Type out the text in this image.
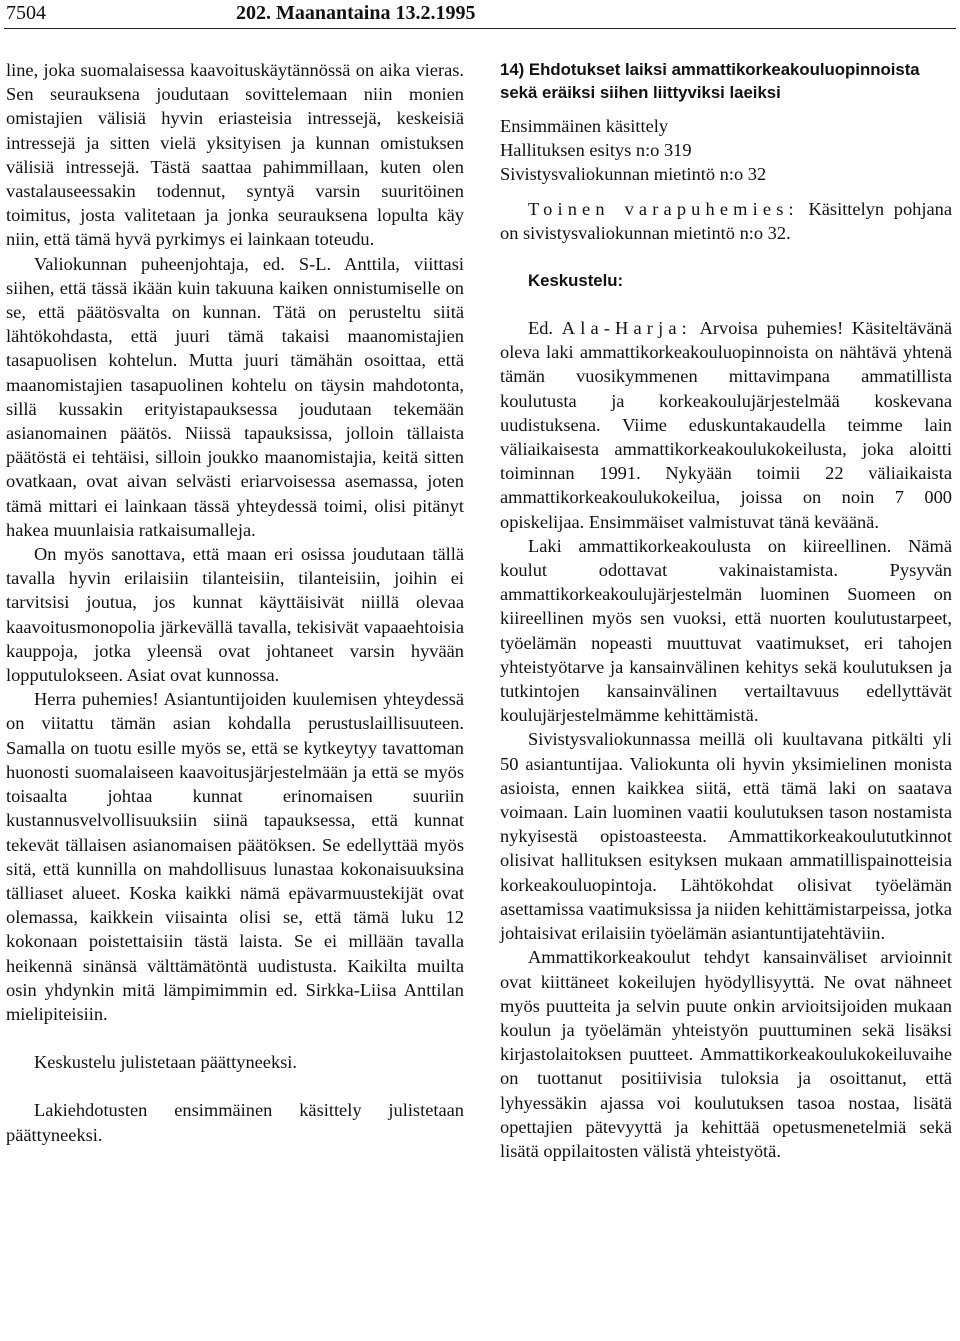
7504	202. Maanantaina 13.2.1995

line, joka suomalaisessa kaavoituskäytännössä on aika vieras. Sen seurauksena joudutaan sovittelemaan niin monien omistajien välisiä hyvin eriasteisia intressejä, keskeisiä intressejä ja sitten vielä yksityisen ja kunnan omistuksen välisiä intressejä. Tästä saattaa pahimmillaan, kuten olen vastalauseessakin todennut, syntyä varsin suuritöinen toimitus, josta valitetaan ja jonka seurauksena lopulta käy niin, että tämä hyvä pyrkimys ei lainkaan toteudu.

Valiokunnan puheenjohtaja, ed. S-L. Anttila, viittasi siihen, että tässä ikään kuin takuuna kaiken onnistumiselle on se, että päätösvalta on kunnan. Tätä on perusteltu siitä lähtökohdasta, että juuri tämä takaisi maanomistajien tasapuolisen kohtelun. Mutta juuri tämähän osoittaa, että maanomistajien tasapuolinen kohtelu on täysin mahdotonta, sillä kussakin erityistapauksessa joudutaan tekemään asianomainen päätös. Niissä tapauksissa, jolloin tällaista päätöstä ei tehtäisi, silloin joukko maanomistajia, keitä sitten ovatkaan, ovat aivan selvästi eriarvoisessa asemassa, joten tämä mittari ei lainkaan tässä yhteydessä toimi, olisi pitänyt hakea muunlaisia ratkaisumalleja.

On myös sanottava, että maan eri osissa joudutaan tällä tavalla hyvin erilaisiin tilanteisiin, tilanteisiin, joihin ei tarvitsisi joutua, jos kunnat käyttäisivät niillä olevaa kaavoitusmonopolia järkevällä tavalla, tekisivät vapaaehtoisia kauppoja, jotka yleensä ovat johtaneet varsin hyvään lopputulokseen. Asiat ovat kunnossa.

Herra puhemies! Asiantuntijoiden kuulemisen yhteydessä on viitattu tämän asian kohdalla perustuslaillisuuteen. Samalla on tuotu esille myös se, että se kytkeytyy tavattoman huonosti suomalaiseen kaavoitusjärjestelmään ja että se myös toisaalta johtaa kunnat erinomaisen suuriin kustannusvelvollisuuksiin siinä tapauksessa, että kunnat tekevät tällaisen asianomaisen päätöksen. Se edellyttää myös sitä, että kunnilla on mahdollisuus lunastaa kokonaisuuksina tälliaset alueet. Koska kaikki nämä epävarmuustekijät ovat olemassa, kaikkein viisainta olisi se, että tämä luku 12 kokonaan poistettaisiin tästä laista. Se ei millään tavalla heikennä sinänsä välttämätöntä uudistusta. Kaikilta muilta osin yhdynkin mitä lämpimimmin ed. Sirkka-Liisa Anttilan mielipiteisiin.

Keskustelu julistetaan päättyneeksi.

Lakiehdotusten ensimmäinen käsittely julistetaan päättyneeksi.

14) Ehdotukset laiksi ammattikorkeakouluopinnoista sekä eräiksi siihen liittyviksi laeiksi

Ensimmäinen käsittely

Hallituksen esitys n:o 319

Sivistysvaliokunnan mietintö n:o 32

Toinen varapuhemies: Käsittelyn pohjana on sivistysvaliokunnan mietintö n:o 32.

Keskustelu:

Ed. Ala-Harja: Arvoisa puhemies! Käsiteltävänä oleva laki ammattikorkeakouluopinnoista on nähtävä yhtenä tämän vuosikymmenen mittavimpana ammatillista koulutusta ja korkeakoulujärjestelmää koskevana uudistuksena. Viime eduskuntakaudella teimme lain väliaikaisesta ammattikorkeakoulukokeilusta, joka aloitti toiminnan 1991. Nykyään toimii 22 väliaikaista ammattikorkeakoulukokeilua, joissa on noin 7 000 opiskelijaa. Ensimmäiset valmistuvat tänä keväänä.

Laki ammattikorkeakoulusta on kiireellinen. Nämä koulut odottavat vakinaistamista. Pysyvän ammattikorkeakoulujärjestelmän luominen Suomeen on kiireellinen myös sen vuoksi, että nuorten koulutustarpeet, työelämän nopeasti muuttuvat vaatimukset, eri tahojen yhteistyötarve ja kansainvälinen kehitys sekä koulutuksen ja tutkintojen kansainvälinen vertailtavuus edellyttävät koulujärjestelmämme kehittämistä.

Sivistysvaliokunnassa meillä oli kuultavana pitkälti yli 50 asiantuntijaa. Valiokunta oli hyvin yksimielinen monista asioista, ennen kaikkea siitä, että tämä laki on saatava voimaan. Lain luominen vaatii koulutuksen tason nostamista nykyisestä opistoasteesta. Ammattikorkeakoulututkinnot olisivat hallituksen esityksen mukaan ammatillispainotteisia korkeakouluopintoja. Lähtökohdat olisivat työelämän asettamissa vaatimuksissa ja niiden kehittämistarpeissa, jotka johtaisivat erilaisiin työelämän asiantuntijatehtäviin.

Ammattikorkeakoulut tehdyt kansainväliset arvioinnit ovat kiittäneet kokeilujen hyödyllisyyttä. Ne ovat nähneet myös puutteita ja selvin puute onkin arvioitsijoiden mukaan koulun ja työelämän yhteistyön puuttuminen sekä lisäksi kirjastolaitoksen puutteet. Ammattikorkeakoulukokeiluvaihe on tuottanut positiivisia tuloksia ja osoittanut, että lyhyessäkin ajassa voi koulutuksen tasoa nostaa, lisätä opettajien pätevyyttä ja kehittää opetusmenetelmiä sekä lisätä oppilaitosten välistä yhteistyötä.
